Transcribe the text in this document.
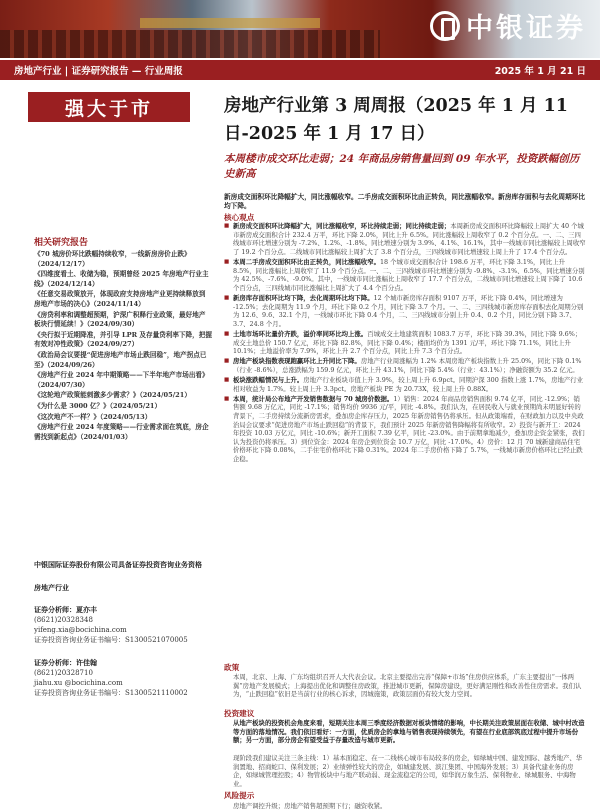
中银证券
房地产行业 | 证券研究报告 — 行业周报	2025 年 1 月 21 日
强大于市
相关研究报告
《70 城房价环比跌幅持续收窄，一线新房房价止跌》（2024/12/17）
《四维度看土、收储为稳，预期曾经 2025 年房地产行业主线》（2024/12/14）
《任意交易政策放开，体现政府支持房地产业更持续释放到房地产市场的决心》（2024/11/14）
《房贷利率和调整超预期，沪深广积释行业政策，最好地产板块行情延续！》（2024/09/30）
《央行拟于近期降准，并引导 LPR 及存量贷利率下降，把握有效对冲性政策》（2024/09/27）
《政治局会议要提“促进房地产市场止跌回稳”，地产拐点已至》（2024/09/26）
《房地产行业 2024 年中期策略——下半年地产市场出看》（2024/07/30）
《这轮地产政策能刺激多少需求？》（2024/05/21）
《为什么是 3000 亿？》（2024/05/21）
《这次地产不一样？》（2024/05/13）
《房地产行业 2024 年度策略——行业需求面在筑底，房企需找到新起点》（2024/01/03）
中银国际证券股份有限公司具备证券投资咨询业务资格
房地产行业
证券分析师：夏亦丰
(8621)20328348
yifeng.xia@bocichina.com
证券投资咨询业务证书编号：S1300521070005
证券分析师：许佳翰
(8621)20328710
jiahu.xu @bocichina.com
证券投资咨询业务证书编号：S1300521110002
房地产行业第 3 周周报（2025 年 1 月 11 日-2025 年 1 月 17 日）
本周楼市成交环比走弱；24 年商品房销售量回到 09 年水平，投资跌幅创历史新高
新房成交面积环比降幅扩大，同比涨幅收窄。二手房成交面积环比由正转负，同比涨幅收窄。新房库存面积与去化周期环比均下降。
核心观点
■ 新房成交面积环比降幅扩大，同比涨幅收窄，环比持续走弱；同比持续走弱；本周新房成交面积环比降幅较上周扩大 40 个城市新房成交面积合计 232.4 万平，环比下降 2.0%，同比上升 6.5%。同比涨幅较上周收窄了 0.2 个百分点。一、二、三四线城市环比增速分别为 -7.2%、1.2%、-1.8%。同比增速分别为 3.9%、4.1%、16.1%，其中一线城市同比涨幅较上周收窄了 19.2 个百分点。二线城市同比涨幅较上周扩大了 3.8 个百分点，三四线城市同比增速较上周上升了 17.4 个百分点。
■ 本周二手房成交面积环比由正转负，同比涨幅收窄。18 个城市成交面积合计 198.6 万平，环比下降 3.1%，同比上升 8.5%，同比涨幅比上周收窄了 11.9 个百分点。一、二、三四线城市环比增速分别为 -9.8%、-3.1%、6.5%，同比增速分别为 42.5%、-7.6%、-9.0%。其中，一线城市同比涨幅比上周收窄了 17.7 个百分点，二线城市同比增速较上周下降了 10.6 个百分点，三四线城市同比涨幅比上周扩大了 4.4 个百分点。
■ 新房库存面积环比均下降，去化周期环比均下降。12 个城市新房库存面积 9107 万平，环比下降 0.4%，同比增速为 -12.5%；去化周期为 11.9 个月，环比下降 0.2 个月，同比下降 3.7 个月。一、二、三四线城市新房库存面积去化周期分别为 12.6、9.6、32.1 个月，一线城市环比下降 0.4 个月，二、三四线城市分别上升 0.4、0.2 个月，同比分别下降 3.7、3.7、24.8 个月。
■ 土地市场环比量价齐跌，溢价率同环比均上涨。百城成交土地建筑面积 1083.7 万平，环比下降 39.3%，同比下降 9.6%；成交土地总价 150.7 亿元，环比下降 82.8%，同比下降 0.4%；楼面均价为 1391 元/平，环比下降 71.1%，同比上升 10.1%；土地溢价率为 7.9%，环比上升 2.7 个百分点，同比上升 7.3 个百分点。
■ 房地产板块指数表现跑赢环比上升同比下降。房地产行业周涨幅为 1.2% 本周房地产板块指数上升 25.0%，同比下降 0.1%（行业 -8.6%），总涨跌幅为 159.9 亿元，环比上升 43.1%，同比下降 5.4%（行业：43.1%）；净融资额为 35.2 亿元。
■ 板块涨跌幅情况与上升。房地产行业板块市值上升 3.9%，较上周上升 6.9pct。同期沪深 300 指数上涨 1.7%，房地产行业相对收益为 1.7%。较上周上升 3.3pct。房地产板块 PE 为 20.73X，较上周上升 0.88X。
■ 本周，统计局公布地产开发销售数据与 70 城房价数据。1）销售：2024 年商品房销售面积 9.74 亿平，同比 -12.9%；销售额 9.68 万亿元，同比 -17.1%；销售均价 9936 元/平，同比 -4.8%。我们认为，在居民收入与就业预期尚未明显好转的背景下，二手房持续分流新房需求，叠加房企库存压力，2025 年新房销售仍将承压。但从政策端看，在财政加力以及中央政治局会议要求“促进房地产市场止跌回稳”的背景下，我们预计 2025 年新房销售降幅将有所收窄。2）投资与新开工：2024 年投资 10.03 万亿元，同比 -10.6%；新开工面积 7.39 亿平，同比 -23.0%。由于前期拿地减少，叠加房企资金紧张，我们认为投资仍将承压。3）到位资金：2024 年房企到位资金 10.7 万亿，同比 -17.0%。4）房价：12 月 70 城新建商品住宅价格环比下降 0.08%，二手住宅价格环比下降 0.31%。2024 年二手房价格下降了 5.7%，一线城市新房价格环比已经止跌企稳。
政策
本周，北京、上海、广东均组织召开人大代表会议。北京主要提出完善“保障+市场”住房供应体系，广东主要提出“一体两翼”房地产发展模式；上海提出优化和调整住房政策，推进城市更新，保障房建设，更好满足刚性和改善性住房需求。我们认为，“止跌回稳”依旧是当前行业的核心诉求，因城施策，政策层面仍有较大发力空间。
投资建议
从地产板块的投资机会角度来看，短期关注本周三季度经济数据对板块情绪的影响，中长期关注政策层面在收储、城中村改造等方面的落地情况。我们依旧看好：一方面，优质房企的拿地与销售表现持续领先，有望在行业底部筑底过程中提升市场份额；另一方面，部分房企有望受益于存量改造与城市更新。
现阶段我们建议关注三条主线：1）基本面稳定、在一二线核心城市布局较多的房企，如绿城中国、建发国际、越秀地产、华润置地、招商蛇口、保利发展；2）业绩弹性较大的房企，如城建发展、滨江集团、中国海外发展；3）具备代建业务的房企，如绿城管理控股；4）物管板块中与地产联动弱、现金流稳定的公司，如华润万象生活、保利物业、绿城服务、中海物业。
风险提示
房地产调控升级；房地产销售超预期下行；融资收紧。
